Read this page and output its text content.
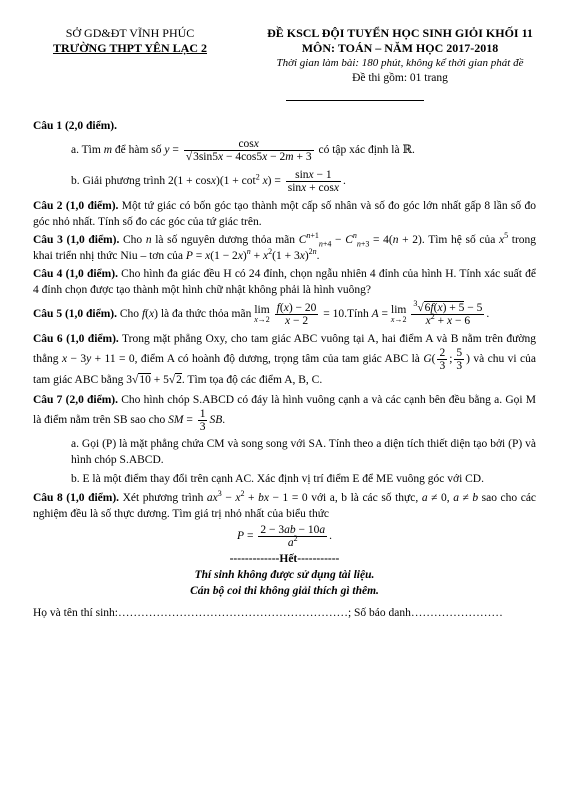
SỞ GD&ĐT VĨNH PHÚC
TRƯỜNG THPT YÊN LẠC 2
ĐỀ KSCL ĐỘI TUYỂN HỌC SINH GIỎI KHỐI 11
MÔN: TOÁN – NĂM HỌC 2017-2018
Thời gian làm bài: 180 phút, không kể thời gian phát đề
Đề thi gồm: 01 trang

Câu 1 (2,0 điểm).

a. Tìm m để hàm số $y = \frac{\cos x}{√3\sin 5x - 4\cos 5x - 2m + 3}$ có tập xác định là ℝ.

b. Giải phương trình $2(1 + \cos x)(1 + \cot^2 x) = \frac{\sin x - 1}{\sin x + \cos x}$ .

Câu 2 (1,0 điểm). Một tứ giác có bốn góc tạo thành một cấp số nhân và số đo góc lớn nhất gấp 8 lần số đo góc nhỏ nhất. Tính số đo các góc của tứ giác trên.

Câu 3 (1,0 điểm). Cho n là số nguyên dương thỏa mãn $C^{n+1}_{n+4} - C^n_{n+3} = 4(n + 2)$. Tìm hệ số của $x^5$ trong khai triển nhị thức Niu – tơn của $P = x(1 - 2x)^n + x^2(1 + 3x)^{2n}$.

Câu 4 (1,0 điểm). Cho hình đa giác đều H có 24 đỉnh, chọn ngẫu nhiên 4 đỉnh của hình H. Tính xác suất để 4 đỉnh chọn được tạo thành một hình chữ nhật không phải là hình vuông?

Câu 5 (1,0 điểm). Cho f(x) là đa thức thỏa mãn lim
x→2
$\frac{f(x) - 20}{x - 2}$ = 10.Tính A = lim
x→2
$\frac{^3√6f(x) + 5 - 5}{x^2 + x - 6}$ .

Câu 6 (1,0 điểm). Trong mặt phẳng Oxy, cho tam giác ABC vuông tại A, hai điểm A và B nằm trên đường thẳng x − 3y + 11 = 0, điểm A có hoành độ dương, trọng tâm của tam giác ABC là $G( \frac{2}{3}$ ; $\frac{5}{3}$ ) và chu vi của tam giác ABC bằng 3√10 + 5√2. Tìm tọa độ các điểm A, B, C.

Câu 7 (2,0 điểm). Cho hình chóp S.ABCD có đáy là hình vuông cạnh a và các cạnh bên đều bằng a. Gọi M là điểm nằm trên SB sao cho SM = $\frac{1}{3}$ SB.

a. Gọi (P) là mặt phẳng chứa CM và song song với SA. Tính theo a diện tích thiết diện tạo bởi (P) và hình chóp S.ABCD.

b. E là một điểm thay đổi trên cạnh AC. Xác định vị trí điểm E để ME vuông góc với CD.

Câu 8 (1,0 điểm). Xét phương trình $ax^3 - x^2$ + bx − 1 = 0 với a, b là các số thực, a ≠ 0, a ≠ b sao cho các nghiệm đều là số thực dương. Tìm giá trị nhỏ nhất của biểu thức

$P = \frac{2 - 3ab - 10a}{a^2}$ .

-------------Hết-----------

Thí sinh không được sử dụng tài liệu.

Cán bộ coi thi không giải thích gì thêm.

Họ và tên thí sinh:……………………………………………………; Số báo danh……………………
